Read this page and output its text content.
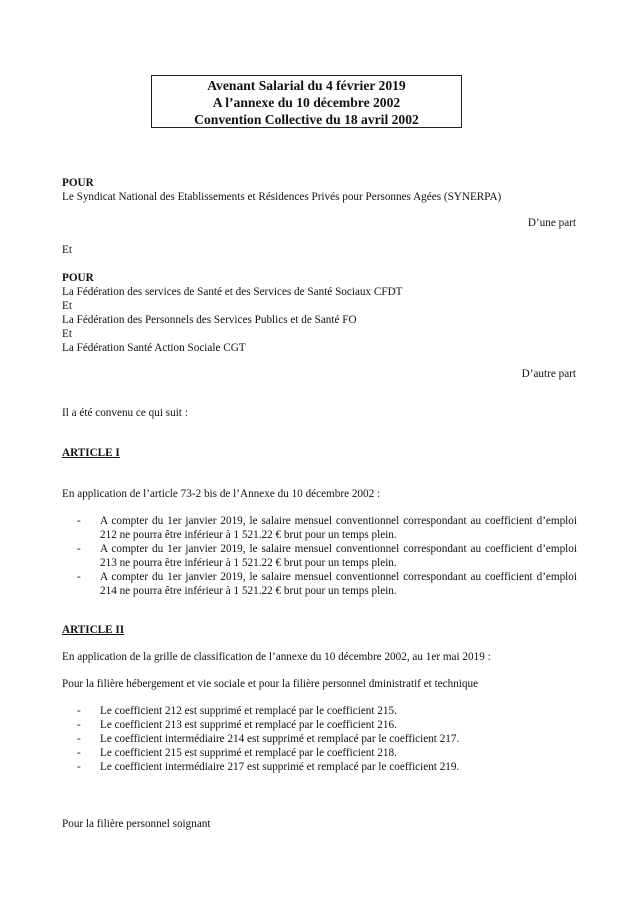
Avenant Salarial du 4 février 2019
A l’annexe du 10 décembre 2002
Convention Collective du 18 avril 2002
POUR
Le Syndicat National des Etablissements et Résidences Privés pour Personnes Agées (SYNERPA)
D’une part
Et
POUR
La Fédération des services de Santé et des Services de Santé Sociaux CFDT
Et
La Fédération des Personnels des Services Publics et de Santé FO
Et
La Fédération Santé Action Sociale CGT
D’autre part
Il a été convenu ce qui suit :
ARTICLE I
En application de l’article 73-2 bis de l’Annexe du 10 décembre 2002 :
-	A compter du 1er janvier 2019, le salaire mensuel conventionnel correspondant au coefficient d’emploi 212 ne pourra être inférieur à 1 521.22 € brut pour un temps plein.
-	A compter du 1er janvier 2019, le salaire mensuel conventionnel correspondant au coefficient d’emploi 213 ne pourra être inférieur à 1 521.22 € brut pour un temps plein.
-	A compter du 1er janvier 2019, le salaire mensuel conventionnel correspondant au coefficient d’emploi 214 ne pourra être inférieur à 1 521.22 € brut pour un temps plein.
ARTICLE II
En application de la grille de classification de l’annexe du 10 décembre 2002, au 1er mai 2019 :
Pour la filière hébergement et vie sociale et pour la filière personnel dministratif et technique
-	Le coefficient 212 est supprimé et remplacé par le coefficient 215.
-	Le coefficient 213 est supprimé et remplacé par le coefficient 216.
-	Le coefficient intermédiaire 214 est supprimé et remplacé par le coefficient 217.
-	Le coefficient 215 est supprimé et remplacé par le coefficient 218.
-	Le coefficient intermédiaire 217 est supprimé et remplacé par le coefficient 219.
Pour la filière personnel soignant
